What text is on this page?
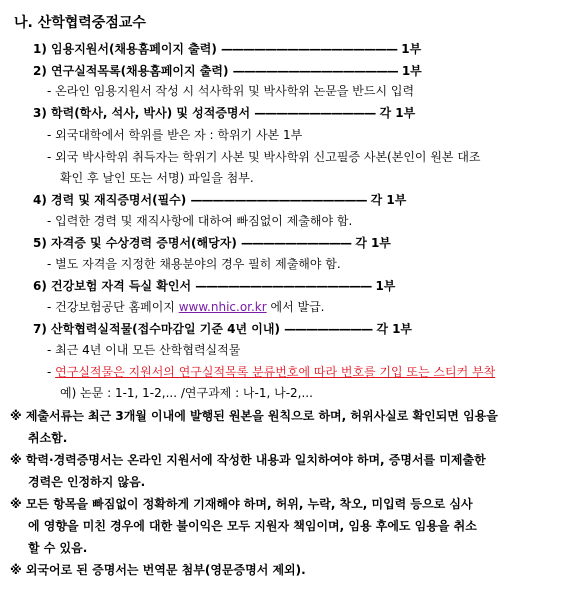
나. 산학협력중점교수
1) 임용지원서(채용홈페이지 출력) ———————————————— 1부
2) 연구실적목록(채용홈페이지 출력) ——————————————— 1부
- 온라인 임용지원서 작성 시 석사학위 및 박사학위 논문을 반드시 입력
3) 학력(학사, 석사, 박사) 및 성적증명서 ——————————— 각 1부
- 외국대학에서 학위를 받은 자 : 학위기 사본 1부
- 외국 박사학위 취득자는 학위기 사본 및 박사학위 신고필증 사본(본인이 원본 대조
확인 후 날인 또는 서명) 파일을 첨부.
4) 경력 및 재직증명서(필수) ———————————————— 각 1부
- 입력한 경력 및 재직사항에 대하여 빠짐없이 제출해야 함.
5) 자격증 및 수상경력 증명서(해당자) —————————— 각 1부
- 별도 자격을 지정한 채용분야의 경우 필히 제출해야 함.
6) 건강보험 자격 득실 확인서 ———————————————— 1부
- 건강보험공단 홈페이지 www.nhic.or.kr 에서 발급.
7) 산학협력실적물(접수마감일 기준 4년 이내) ———————— 각 1부
- 최근 4년 이내 모든 산학협력실적물
- 연구실적물은 지원서의 연구실적목록 분류번호에 따라 번호를 기입 또는 스티커 부착
예) 논문 : 1-1, 1-2,... /연구과제 : 나-1, 나-2,...
※ 제출서류는 최근 3개월 이내에 발행된 원본을 원칙으로 하며, 허위사실로 확인되면 임용을
취소함.
※ 학력·경력증명서는 온라인 지원서에 작성한 내용과 일치하여야 하며, 증명서를 미제출한
경력은 인정하지 않음.
※ 모든 항목을 빠짐없이 정확하게 기재해야 하며, 허위, 누락, 착오, 미입력 등으로 심사
에 영향을 미친 경우에 대한 불이익은 모두 지원자 책임이며, 임용 후에도 임용을 취소
할 수 있음.
※ 외국어로 된 증명서는 번역문 첨부(영문증명서 제외).
